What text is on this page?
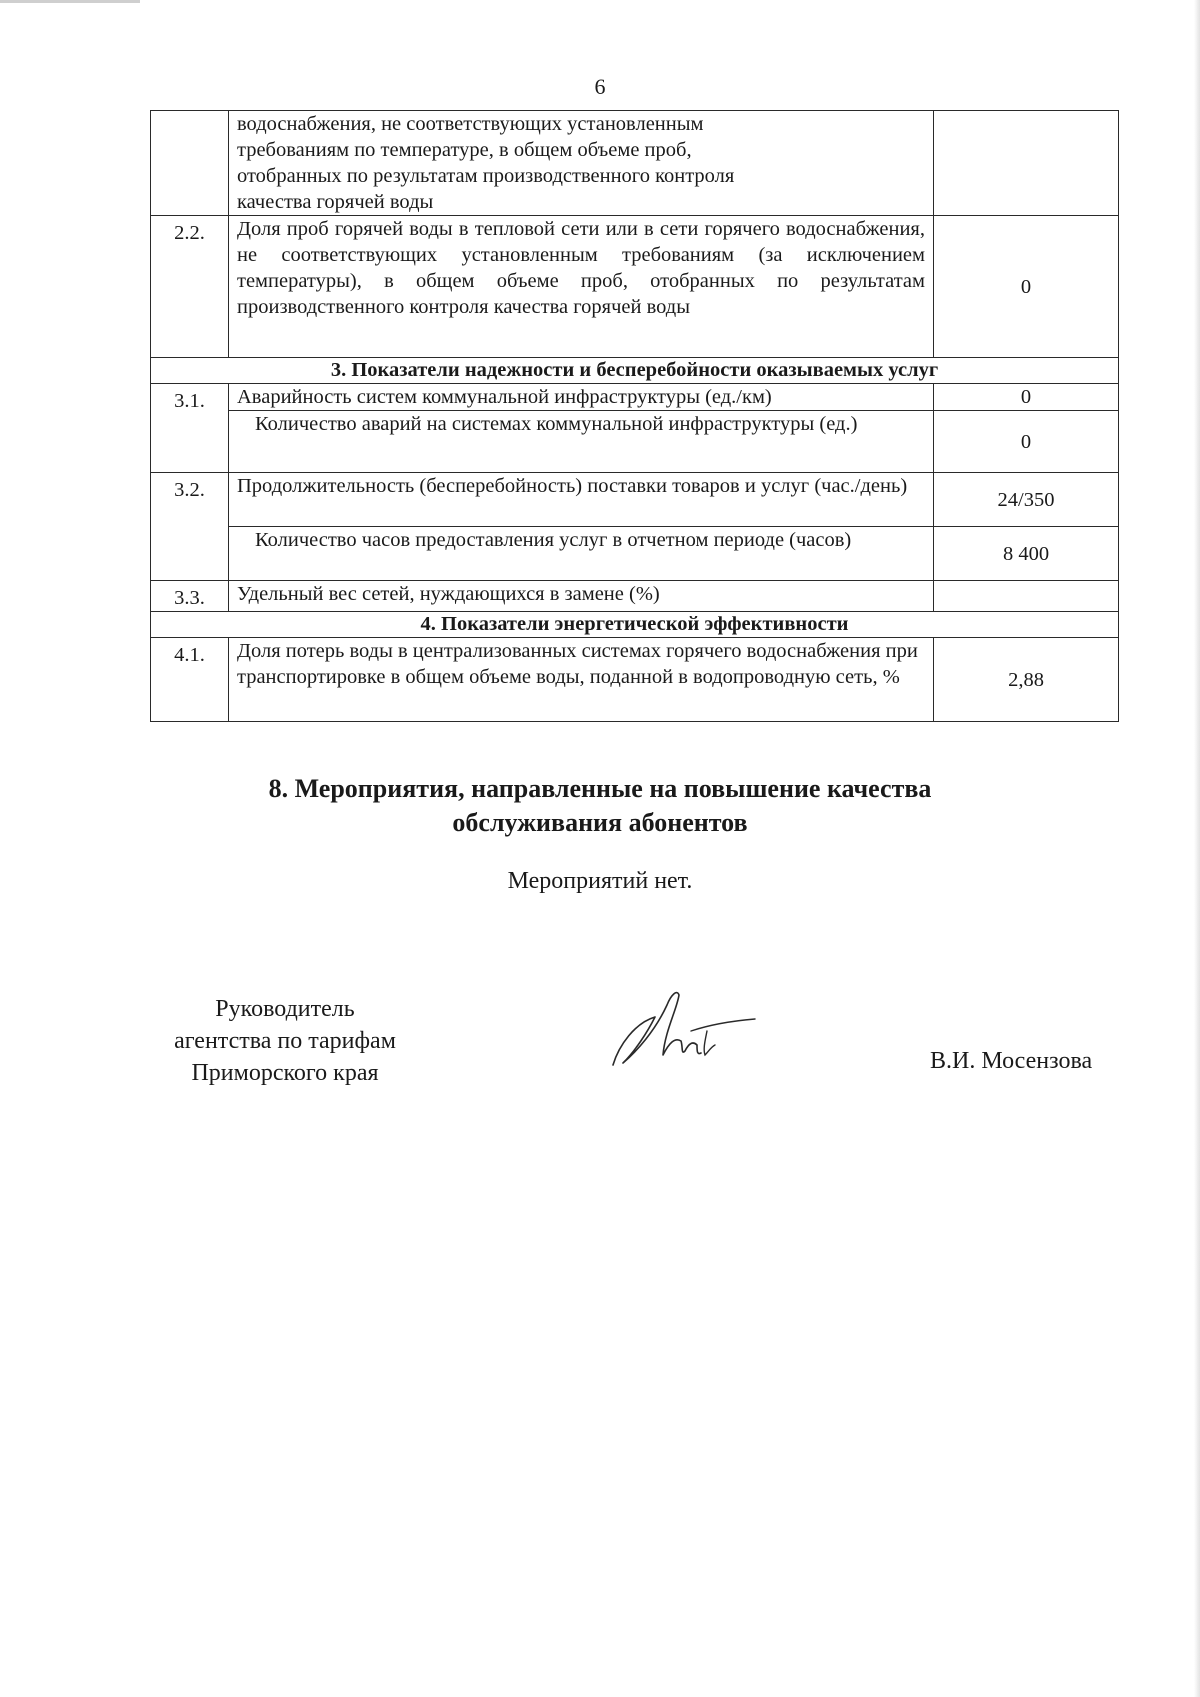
6

	водоснабжения, не соответствующих установленным
требованиям по температуре, в общем объеме проб,
отобранных по результатам производственного контроля
качества горячей воды	

2.2.	Доля проб горячей воды в тепловой сети или в сети горячего водоснабжения, не соответствующих установленным требованиям (за исключением температуры), в общем объеме проб, отобранных по результатам производственного контроля качества горячей воды	0
3. Показатели надежности и бесперебойности оказываемых услуг		
3.1.	Аварийность систем коммунальной инфраструктуры (ед./км)	0
	Количество аварий на системах коммунальной инфраструктуры (ед.)	0
3.2.	Продолжительность (бесперебойность) поставки товаров и услуг (час./день)	24/350
	Количество часов предоставления услуг в отчетном периоде (часов)	8 400
3.3.	Удельный вес сетей, нуждающихся в замене (%)	
4. Показатели энергетической эффективности		
4.1.	Доля потерь воды в централизованных системах горячего водоснабжения при транспортировке в общем объеме воды, поданной в водопроводную сеть, %	2,88
8. Мероприятия, направленные на повышение качества
обслуживания абонентов
Мероприятий нет.
Руководитель
агентства по тарифам
Приморского края	В.И. Мосензова
